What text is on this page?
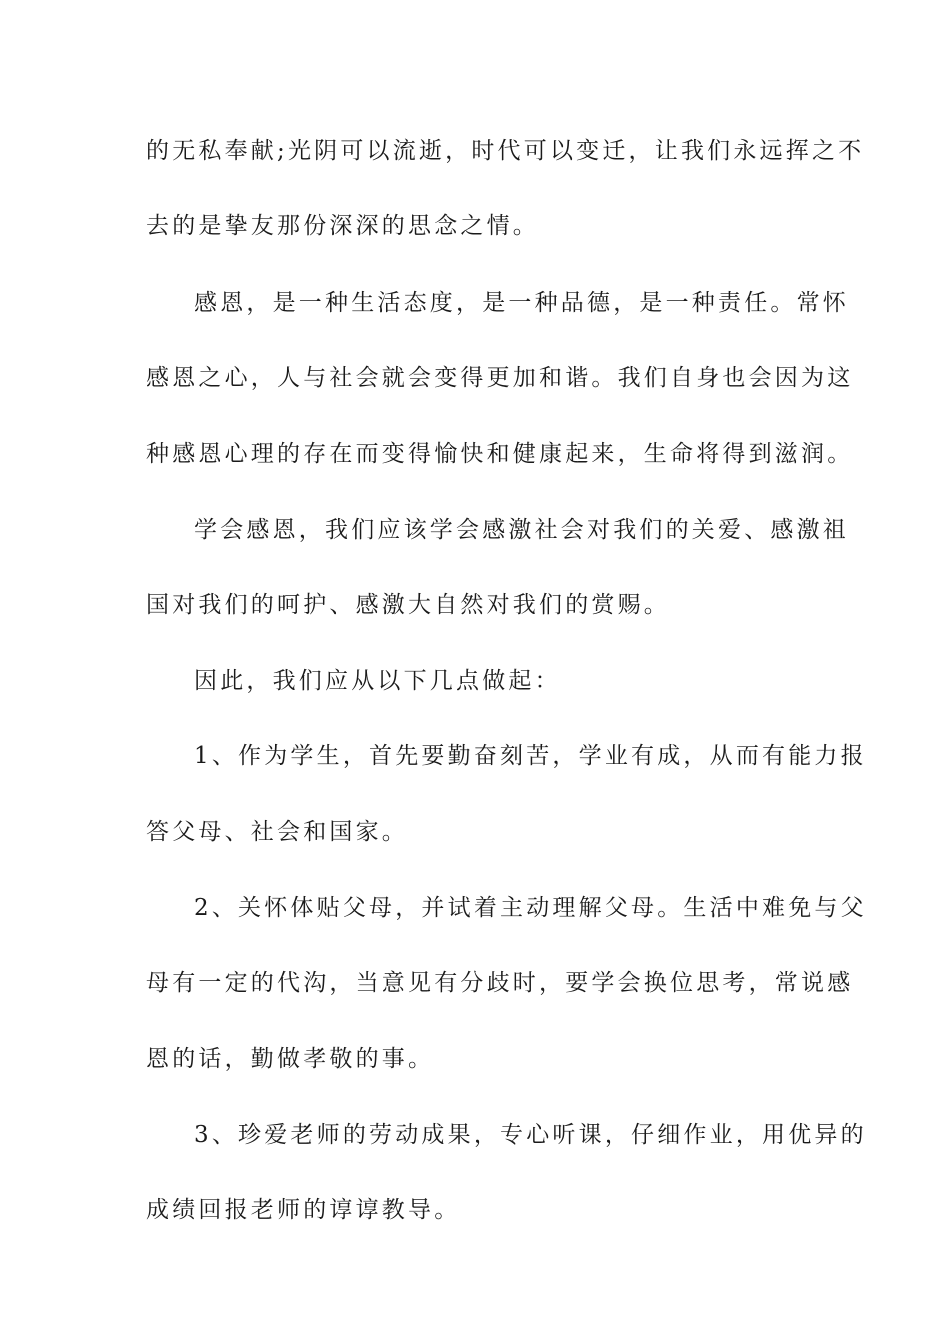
的无私奉献;光阴可以流逝，时代可以变迁，让我们永远挥之不
去的是挚友那份深深的思念之情。
感恩，是一种生活态度，是一种品德，是一种责任。常怀
感恩之心，人与社会就会变得更加和谐。我们自身也会因为这
种感恩心理的存在而变得愉快和健康起来，生命将得到滋润。
学会感恩，我们应该学会感激社会对我们的关爱、感激祖
国对我们的呵护、感激大自然对我们的赏赐。
因此，我们应从以下几点做起：
1、作为学生，首先要勤奋刻苦，学业有成，从而有能力报
答父母、社会和国家。
2、关怀体贴父母，并试着主动理解父母。生活中难免与父
母有一定的代沟，当意见有分歧时，要学会换位思考，常说感
恩的话，勤做孝敬的事。
3、珍爱老师的劳动成果，专心听课，仔细作业，用优异的
成绩回报老师的谆谆教导。
